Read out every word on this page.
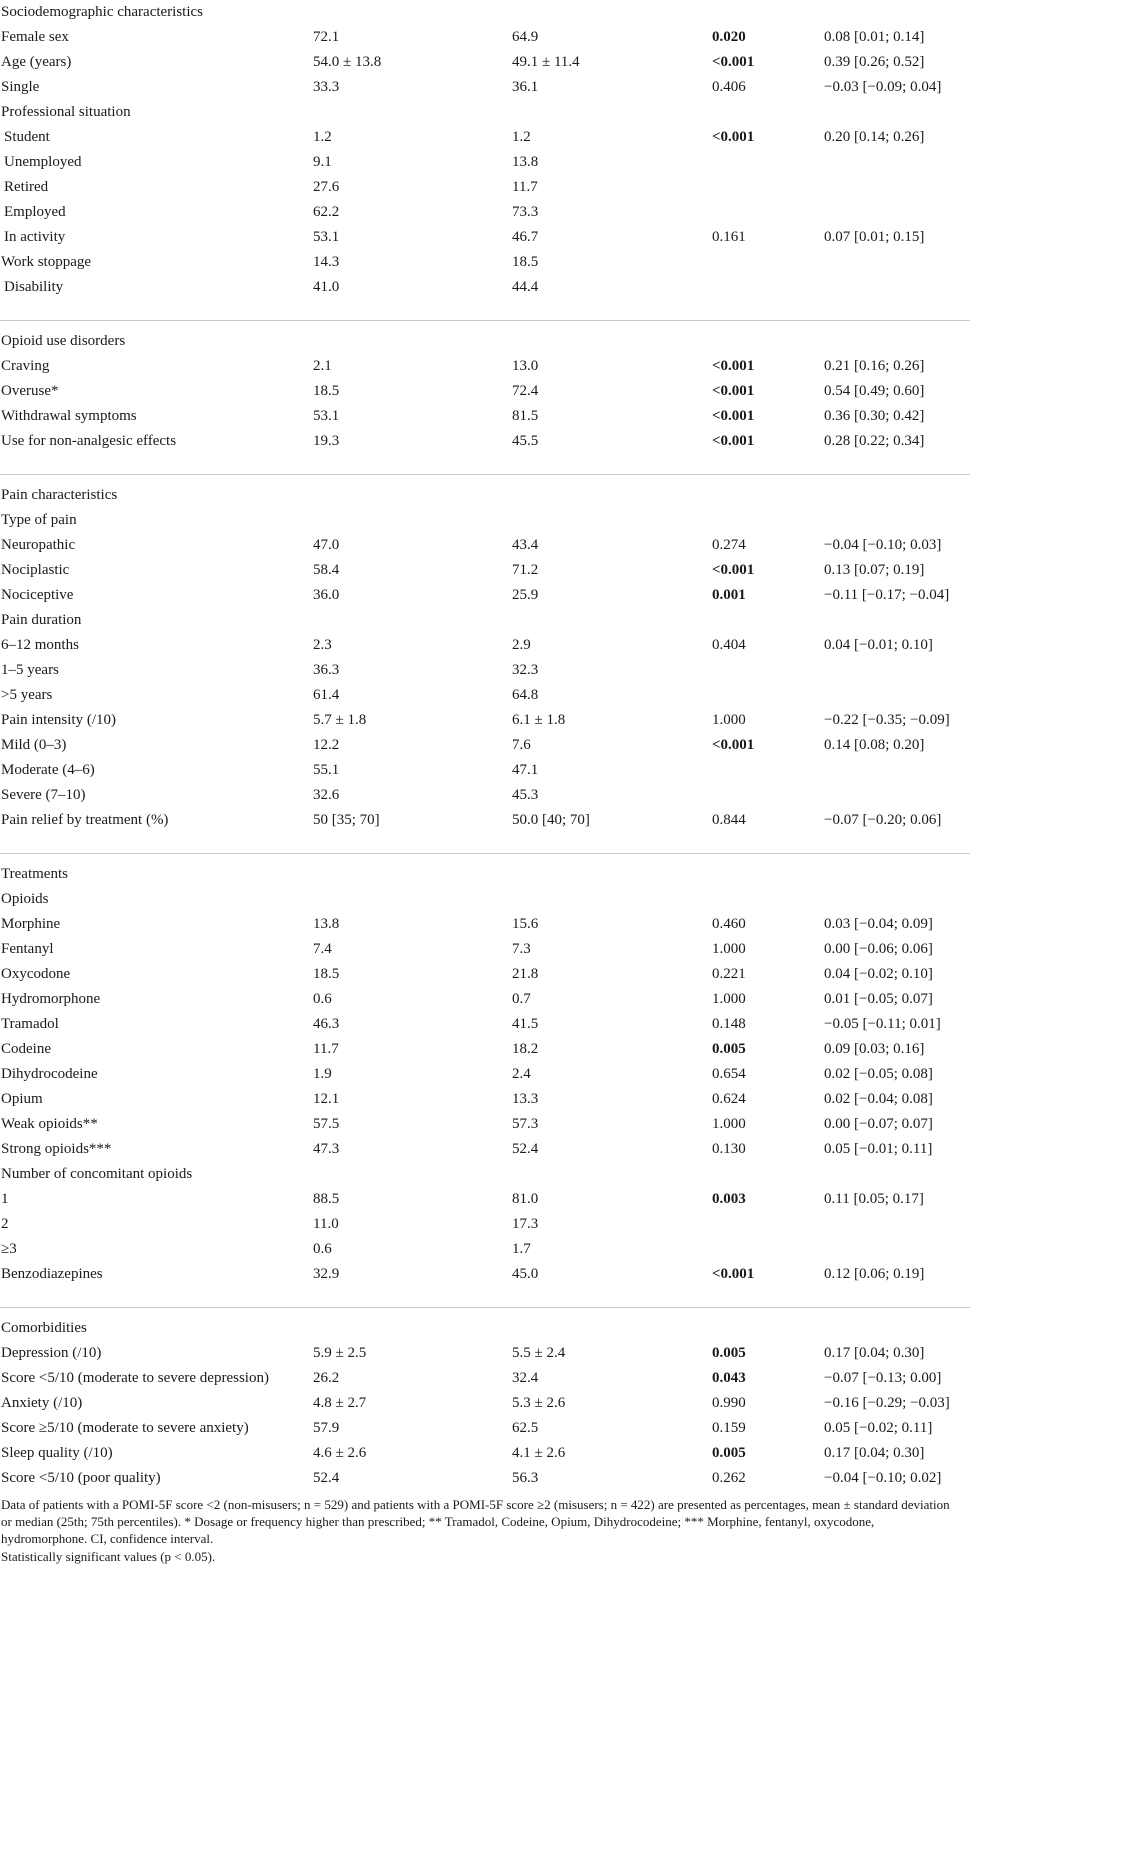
Sociodemographic characteristics
Female sex	72.1	64.9	0.020	0.08 [0.01; 0.14]
Age (years)	54.0 ± 13.8	49.1 ± 11.4	<0.001	0.39 [0.26; 0.52]
Single	33.3	36.1	0.406	−0.03 [−0.09; 0.04]
Professional situation
Student	1.2	1.2	<0.001	0.20 [0.14; 0.26]
Unemployed	9.1	13.8
Retired	27.6	11.7
Employed	62.2	73.3
In activity	53.1	46.7	0.161	0.07 [0.01; 0.15]
Work stoppage	14.3	18.5
Disability	41.0	44.4
Opioid use disorders
Craving	2.1	13.0	<0.001	0.21 [0.16; 0.26]
Overuse*	18.5	72.4	<0.001	0.54 [0.49; 0.60]
Withdrawal symptoms	53.1	81.5	<0.001	0.36 [0.30; 0.42]
Use for non-analgesic effects	19.3	45.5	<0.001	0.28 [0.22; 0.34]
Pain characteristics
Type of pain
Neuropathic	47.0	43.4	0.274	−0.04 [−0.10; 0.03]
Nociplastic	58.4	71.2	<0.001	0.13 [0.07; 0.19]
Nociceptive	36.0	25.9	0.001	−0.11 [−0.17; −0.04]
Pain duration
6–12 months	2.3	2.9	0.404	0.04 [−0.01; 0.10]
1–5 years	36.3	32.3
>5 years	61.4	64.8
Pain intensity (/10)	5.7 ± 1.8	6.1 ± 1.8	1.000	−0.22 [−0.35; −0.09]
Mild (0–3)	12.2	7.6	<0.001	0.14 [0.08; 0.20]
Moderate (4–6)	55.1	47.1
Severe (7–10)	32.6	45.3
Pain relief by treatment (%)	50 [35; 70]	50.0 [40; 70]	0.844	−0.07 [−0.20; 0.06]
Treatments
Opioids
Morphine	13.8	15.6	0.460	0.03 [−0.04; 0.09]
Fentanyl	7.4	7.3	1.000	0.00 [−0.06; 0.06]
Oxycodone	18.5	21.8	0.221	0.04 [−0.02; 0.10]
Hydromorphone	0.6	0.7	1.000	0.01 [−0.05; 0.07]
Tramadol	46.3	41.5	0.148	−0.05 [−0.11; 0.01]
Codeine	11.7	18.2	0.005	0.09 [0.03; 0.16]
Dihydrocodeine	1.9	2.4	0.654	0.02 [−0.05; 0.08]
Opium	12.1	13.3	0.624	0.02 [−0.04; 0.08]
Weak opioids**	57.5	57.3	1.000	0.00 [−0.07; 0.07]
Strong opioids***	47.3	52.4	0.130	0.05 [−0.01; 0.11]
Number of concomitant opioids
1	88.5	81.0	0.003	0.11 [0.05; 0.17]
2	11.0	17.3
≥3	0.6	1.7
Benzodiazepines	32.9	45.0	<0.001	0.12 [0.06; 0.19]
Comorbidities
Depression (/10)	5.9 ± 2.5	5.5 ± 2.4	0.005	0.17 [0.04; 0.30]
Score <5/10 (moderate to severe depression)	26.2	32.4	0.043	−0.07 [−0.13; 0.00]
Anxiety (/10)	4.8 ± 2.7	5.3 ± 2.6	0.990	−0.16 [−0.29; −0.03]
Score ≥5/10 (moderate to severe anxiety)	57.9	62.5	0.159	0.05 [−0.02; 0.11]
Sleep quality (/10)	4.6 ± 2.6	4.1 ± 2.6	0.005	0.17 [0.04; 0.30]
Score <5/10 (poor quality)	52.4	56.3	0.262	−0.04 [−0.10; 0.02]

Data of patients with a POMI-5F score <2 (non-misusers; n = 529) and patients with a POMI-5F score ≥2 (misusers; n = 422) are presented as percentages, mean ± standard deviation or median (25th; 75th percentiles). * Dosage or frequency higher than prescribed; ** Tramadol, Codeine, Opium, Dihydrocodeine; *** Morphine, fentanyl, oxycodone, hydromorphone. CI, confidence interval.

Statistically significant values (p < 0.05).
